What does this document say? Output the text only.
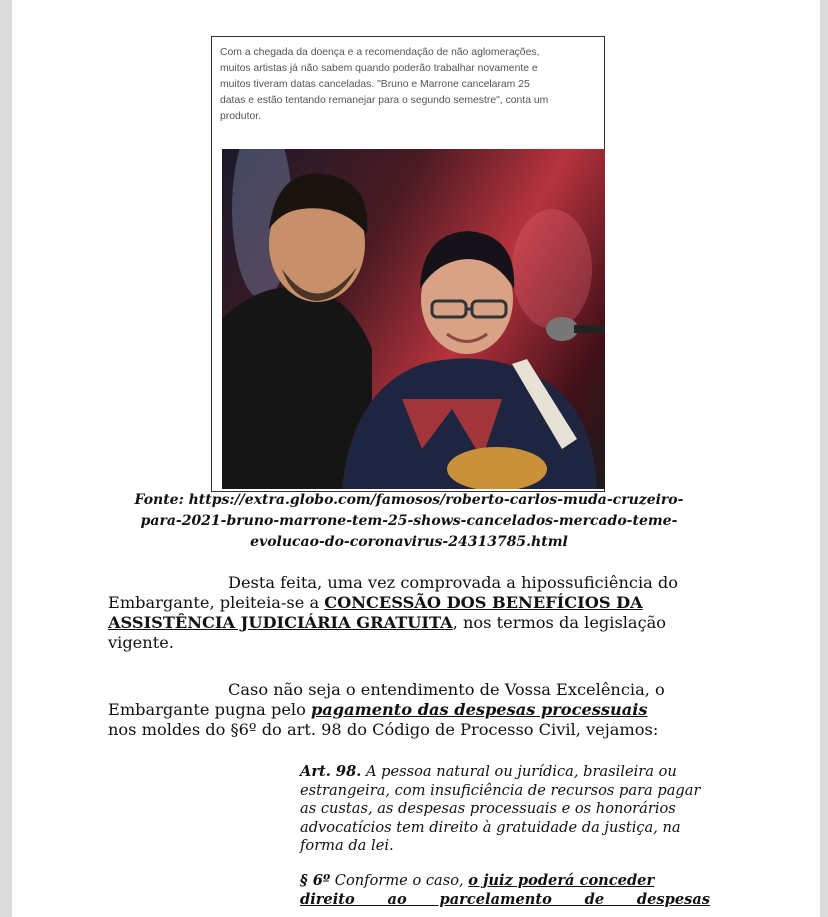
Com a chegada da doença e a recomendação de não aglomerações,
muitos artistas já não sabem quando poderão trabalhar novamente e
muitos tiveram datas canceladas. "Bruno e Marrone cancelaram 25
datas e estão tentando remanejar para o segundo semestre", conta um
produtor.
Fonte: https://extra.globo.com/famosos/roberto-carlos-muda-cruzeiro-
para-2021-bruno-marrone-tem-25-shows-cancelados-mercado-teme-
evolucao-do-coronavirus-24313785.html
Desta feita, uma vez comprovada a hipossuficiência do
Embargante, pleiteia-se a CONCESSÃO DOS BENEFÍCIOS DA
ASSISTÊNCIA JUDICIÁRIA GRATUITA, nos termos da legislação
vigente.
Caso não seja o entendimento de Vossa Excelência, o
Embargante pugna pelo pagamento das despesas processuais
nos moldes do §6º do art. 98 do Código de Processo Civil, vejamos:
Art. 98. A pessoa natural ou jurídica, brasileira ou
estrangeira, com insuficiência de recursos para pagar
as custas, as despesas processuais e os honorários
advocatícios tem direito à gratuidade da justiça, na
forma da lei.
§ 6º Conforme o caso, o juiz poderá conceder
direito ao parcelamento de despesas
